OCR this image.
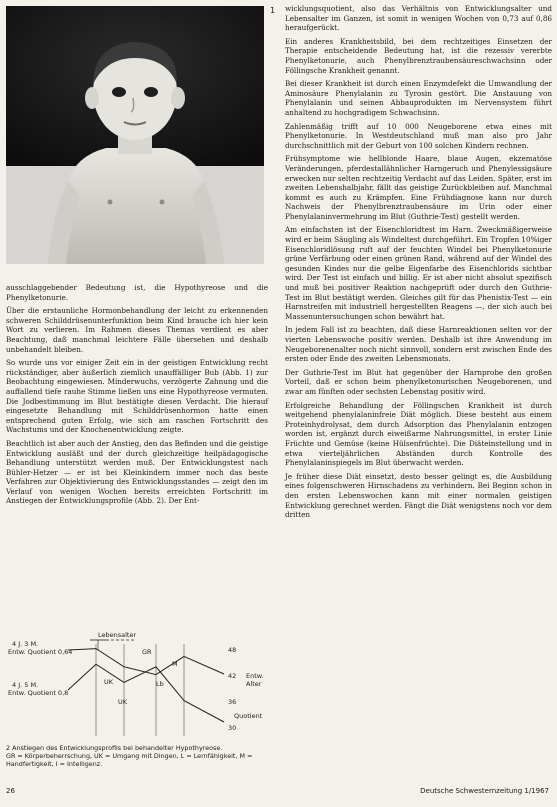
1

ausschlaggebender Bedeutung ist, die Hypothyreose und die Phenylketonurie.

Über die erstaunliche Hormonbehandlung der leicht zu erkennenden schweren Schilddrüsenunterfunktion beim Kind brauche ich hier kein Wort zu verlieren. Im Rahmen dieses Themas verdient es aber Beachtung, daß manchmal leichtere Fälle übersehen und deshalb unbehandelt bleiben.

So wurde uns vor einiger Zeit ein in der geistigen Entwicklung recht rückständiger, aber äußerlich ziemlich unauffälliger Bub (Abb. 1) zur Beobachtung eingewiesen. Minderwuchs, verzögerte Zahnung und die auffallend tiefe rauhe Stimme ließen uns eine Hypothyreose vermuten. Die Jodbestimmung im Blut bestätigte diesen Verdacht. Die hierauf eingesetzte Behandlung mit Schilddrüsenhormon hatte einen entsprechend guten Erfolg, wie sich am raschen Fortschritt des Wachstums und der Knochenentwicklung zeigte.

Beachtlich ist aber auch der Anstieg, den das Befinden und die geistige Entwicklung ausläßt und der durch gleichzeitige heilpädagogische Behandlung unterstützt werden muß. Der Entwicklungstest nach Bühler-Hetzer — er ist bei Kleinkindern immer noch das beste Verfahren zur Objektivierung des Entwicklungsstandes — zeigt den im Verlauf von wenigen Wochen bereits erreichten Fortschritt im Anstiegen der Entwicklungsprofile (Abb. 2). Der Ent-

Lebensalter
4 J. 3 M.
Entw. Quotient 0,64
4 J. 5 M.
Entw. Quotient 0,8
GR
UK
UK
Lb
M
48
42
36
30
Entw.
Alter
Quotient
2 Anstiegen des Entwicklungsprofils bei behandelter Hypothyreose.
GR = Körperbeherrschung, UK = Umgang mit Dingen, L = Lernfähigkeit, M = Handfertigkeit, I = Intelligenz.

wicklungsquotient, also das Verhältnis von Entwicklungsalter und Lebensalter im Ganzen, ist somit in wenigen Wochen von 0,73 auf 0,86 heraufgerückt.

Ein anderes Krankheitsbild, bei dem rechtzeitiges Einsetzen der Therapie entscheidende Bedeutung hat, ist die rezessiv vererbte Phenylketonurie, auch Phenylbrenztraubensäureschwachsinn oder Föllingsche Krankheit genannt.

Bei dieser Krankheit ist durch einen Enzymdefekt die Umwandlung der Aminosäure Phenylalanin zu Tyrosin gestört. Die Anstauung von Phenylalanin und seinen Abbauprodukten im Nervensystem führt anhaltend zu hochgradigem Schwachsinn.

Zahlenmäßig trifft auf 10 000 Neugeborene etwa eines mit Phenylketonurie. In Westdeutschland muß man also pro Jahr durchschnittlich mit der Geburt von 100 solchen Kindern rechnen.

Frühsymptome wie hellblonde Haare, blaue Augen, ekzematöse Veränderungen, pferdestallähnlicher Harngeruch und Phenylessigsäure erwecken nur selten rechtzeitig Verdacht auf das Leiden. Später, erst im zweiten Lebenshalbjahr, fällt das geistige Zurückbleiben auf. Manchmal kommt es auch zu Krämpfen. Eine Frühdiagnose kann nur durch Nachweis der Phenylbrenztraubensäure im Urin oder einer Phenylalaninvermehrung im Blut (Guthrie-Test) gestellt werden.

Am einfachsten ist der Eisenchloridtest im Harn. Zweckmäßigerweise wird er beim Säugling als Windeltest durchgeführt. Ein Tropfen 10%iger Eisenchloridlösung ruft auf der feuchten Windel bei Phenylketonurie grüne Verfärbung oder einen grünen Rand, während auf der Windel des gesunden Kindes nur die gelbe Eigenfarbe des Eisenchlorids sichtbar wird. Der Test ist einfach und billig. Er ist aber nicht absolut spezifisch und muß bei positiver Reaktion nachgeprüft oder durch den Guthrie-Test im Blut bestätigt werden. Gleiches gilt für das Phenistix-Test — ein Harnstreifen mit industriell hergestellten Reagens —, der sich auch bei Massenuntersuchungen schon bewährt hat.

In jedem Fall ist zu beachten, daß diese Harnreaktionen selten vor der vierten Lebenswoche positiv werden. Deshalb ist ihre Anwendung im Neugeborenenalter noch nicht sinnvoll, sondern erst zwischen Ende des ersten oder Ende des zweiten Lebensmonats.

Der Guthrie-Test im Blut hat gegenüber der Harnprobe den großen Vorteil, daß er schon beim phenylketonurischen Neugeborenen, und zwar am fünften oder sechsten Lebenstag positiv wird.

Erfolgreiche Behandlung der Föllingschen Krankheit ist durch weitgehend phenylalaninfreie Diät möglich. Diese besteht aus einem Proteinhydrolysat, dem durch Adsorption das Phenylalanin entzogen worden ist, ergänzt durch eiweißarme Nahrungsmittel, in erster Linie Früchte und Gemüse (keine Hülsenfrüchte). Die Diäteinstellung und in etwa vierteljährlichen Abständen durch Kontrolle des Phenylalaninspiegels im Blut überwacht werden.

Je früher diese Diät einsetzt, desto besser gelingt es, die Ausbildung eines folgenschweren Hirnschadens zu verhindern. Bei Beginn schon in den ersten Lebenswochen kann mit einer normalen geistigen Entwicklung gerechnet werden. Fängt die Diät wenigstens noch vor dem dritten

26	Deutsche Schwesternzeitung 1/1967
